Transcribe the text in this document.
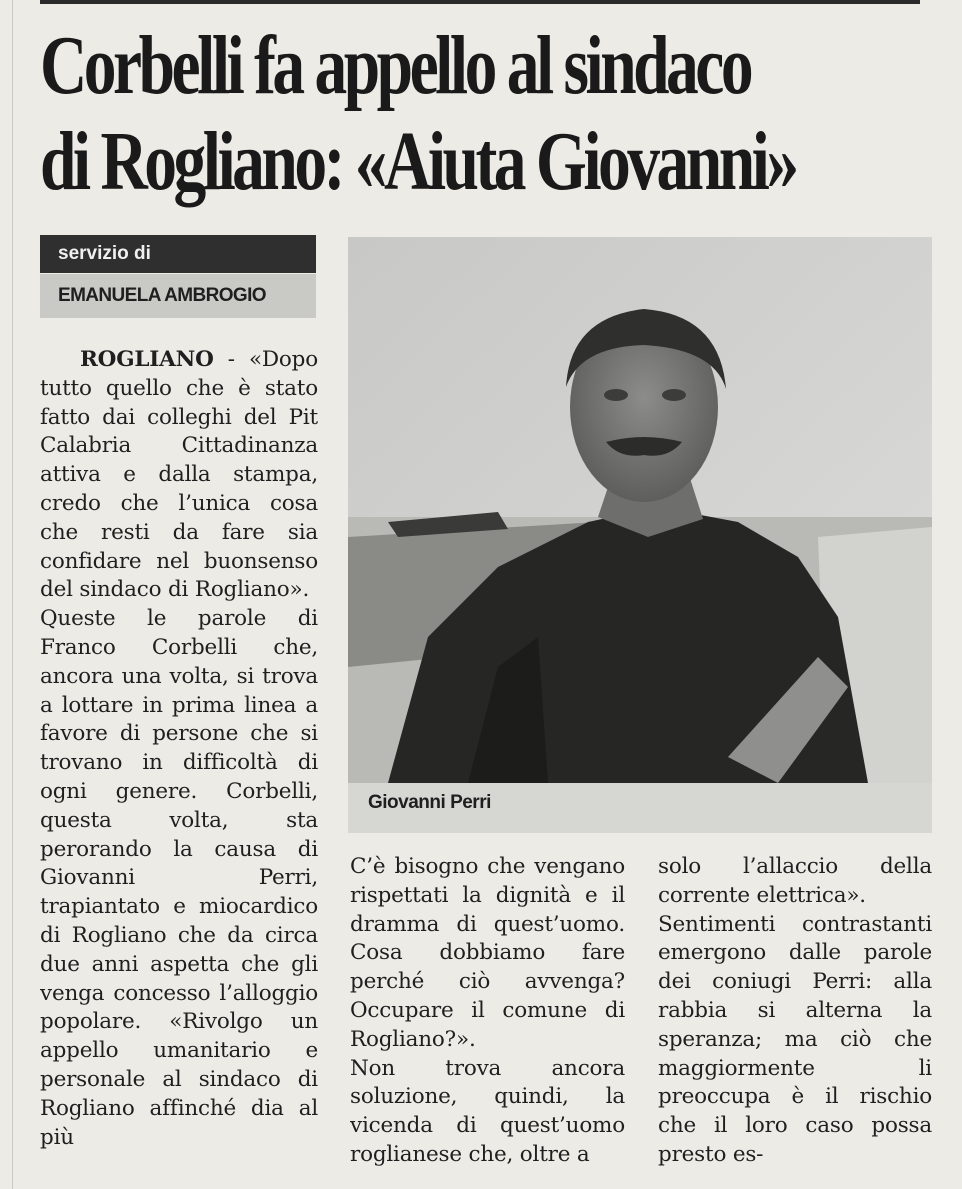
Corbelli fa appello al sindaco
di Rogliano: «Aiuta Giovanni»
servizio di
EMANUELA AMBROGIO

ROGLIANO - «Dopo tutto quello che è stato fatto dai colleghi del Pit Calabria Cittadinanza attiva e dalla stampa, credo che l’unica cosa che resti da fare sia confidare nel buonsenso del sindaco di Rogliano».

Queste le parole di Franco Corbelli che, ancora una volta, si trova a lottare in prima linea a favore di persone che si trovano in difficoltà di ogni genere. Corbelli, questa volta, sta perorando la causa di Giovanni Perri, trapiantato e miocardico di Rogliano che da circa due anni aspetta che gli venga concesso l’alloggio popolare. «Rivolgo un appello umanitario e personale al sindaco di Rogliano affinché dia al più

Giovanni Perri

C’è bisogno che vengano rispettati la dignità e il dramma di quest’uomo. Cosa dobbiamo fare perché ciò avvenga? Occupare il comune di Rogliano?».

Non trova ancora soluzione, quindi, la vicenda di quest’uomo roglianese che, oltre a

solo l’allaccio della corrente elettrica».

Sentimenti contrastanti emergono dalle parole dei coniugi Perri: alla rabbia si alterna la speranza; ma ciò che maggiormente li preoccupa è il rischio che il loro caso possa presto es-
